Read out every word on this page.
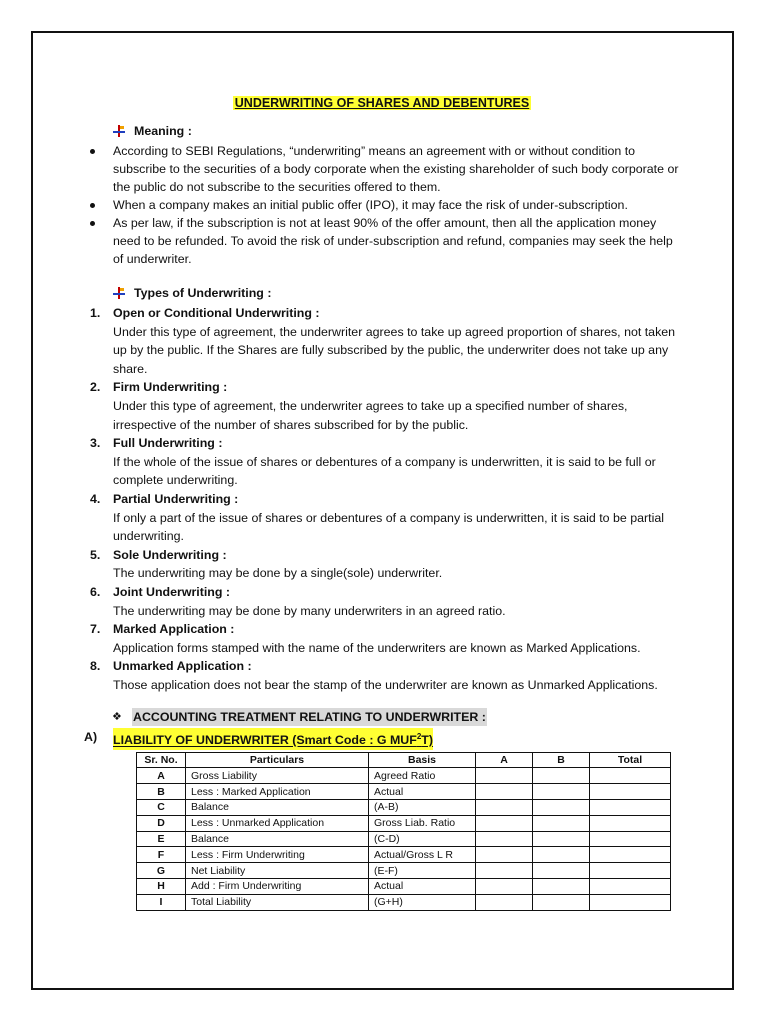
UNDERWRITING OF SHARES AND DEBENTURES
Meaning :
According to SEBI Regulations, “underwriting” means an agreement with or without condition to subscribe to the securities of a body corporate when the existing shareholder of such body corporate or the public do not subscribe to the securities offered to them.
When a company makes an initial public offer (IPO), it may face the risk of under-subscription.
As per law, if the subscription is not at least 90% of the offer amount, then all the application money need to be refunded. To avoid the risk of under-subscription and refund, companies may seek the help of underwriter.
Types of Underwriting :
1. Open or Conditional Underwriting :
Under this type of agreement, the underwriter agrees to take up agreed proportion of shares, not taken up by the public. If the Shares are fully subscribed by the public, the underwriter does not take up any share.
2. Firm Underwriting :
Under this type of agreement, the underwriter agrees to take up a specified number of shares, irrespective of the number of shares subscribed for by the public.
3. Full Underwriting :
If the whole of the issue of shares or debentures of a company is underwritten, it is said to be full or complete underwriting.
4. Partial Underwriting :
If only a part of the issue of shares or debentures of a company is underwritten, it is said to be partial underwriting.
5. Sole Underwriting :
The underwriting may be done by a single(sole) underwriter.
6. Joint Underwriting :
The underwriting may be done by many underwriters in an agreed ratio.
7. Marked Application :
Application forms stamped with the name of the underwriters are known as Marked Applications.
8. Unmarked Application :
Those application does not bear the stamp of the underwriter are known as Unmarked Applications.
❖ ACCOUNTING TREATMENT RELATING TO UNDERWRITER :
A)	LIABILITY OF UNDERWRITER (Smart Code : G MUF$^2$T)
Sr. No.	Particulars	Basis	A	B	Total
A	Gross Liability	Agreed Ratio			
B	Less : Marked Application	Actual			
C	Balance	(A-B)			
D	Less : Unmarked Application	Gross Liab. Ratio			
E	Balance	(C-D)			
F	Less : Firm Underwriting	Actual/Gross L R			
G	Net Liability	(E-F)			
H	Add : Firm Underwriting	Actual			
I	Total Liability	(G+H)			
